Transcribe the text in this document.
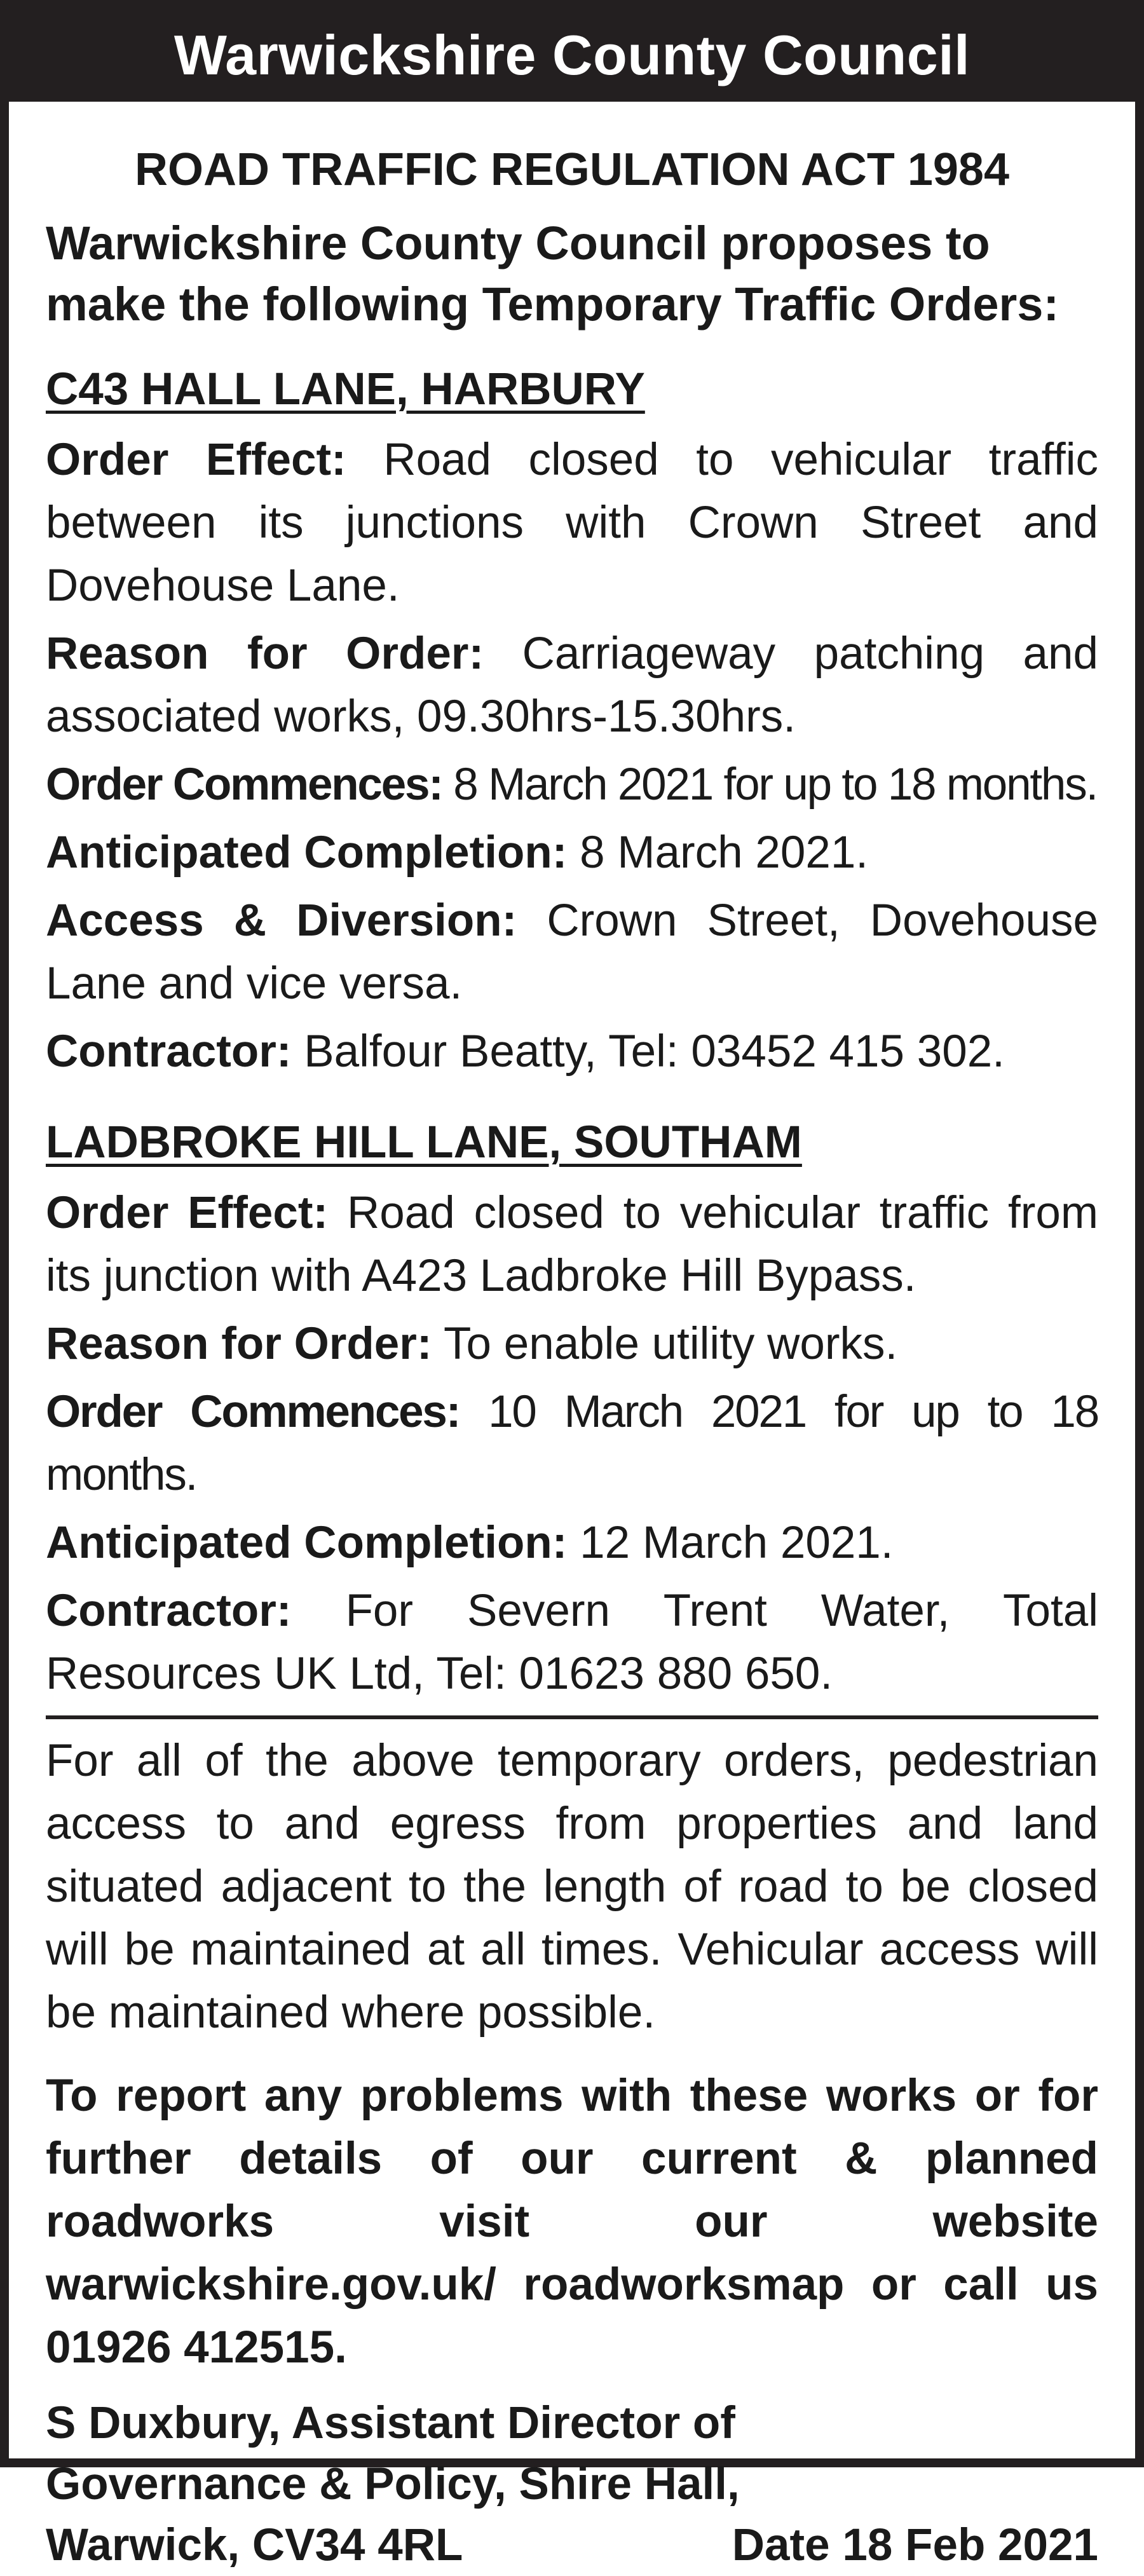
Warwickshire County Council
ROAD TRAFFIC REGULATION ACT 1984
Warwickshire County Council proposes to make the following Temporary Traffic Orders:
C43 HALL LANE, HARBURY
Order Effect: Road closed to vehicular traffic between its junctions with Crown Street and Dovehouse Lane.
Reason for Order: Carriageway patching and associated works, 09.30hrs-15.30hrs.
Order Commences: 8 March 2021 for up to 18 months.
Anticipated Completion: 8 March 2021.
Access & Diversion: Crown Street, Dovehouse Lane and vice versa.
Contractor: Balfour Beatty, Tel: 03452 415 302.
LADBROKE HILL LANE, SOUTHAM
Order Effect: Road closed to vehicular traffic from its junction with A423 Ladbroke Hill Bypass.
Reason for Order: To enable utility works.
Order Commences: 10 March 2021 for up to 18 months.
Anticipated Completion: 12 March 2021.
Contractor: For Severn Trent Water, Total Resources UK Ltd, Tel: 01623 880 650.
For all of the above temporary orders, pedestrian access to and egress from properties and land situated adjacent to the length of road to be closed will be maintained at all times. Vehicular access will be maintained where possible.
To report any problems with these works or for further details of our current & planned roadworks visit our website warwickshire.gov.uk/ roadworksmap or call us 01926 412515.
S Duxbury, Assistant Director of
Governance & Policy, Shire Hall,
Warwick, CV34 4RL	Date 18 Feb 2021
